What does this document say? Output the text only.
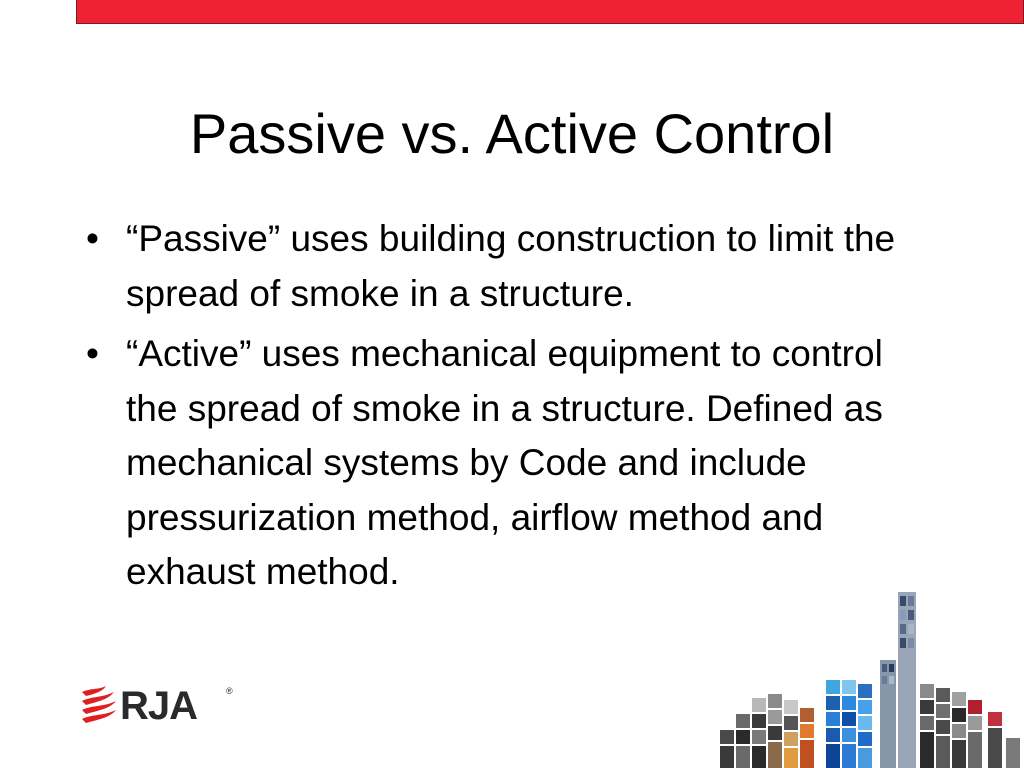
Passive vs. Active Control
• “Passive” uses building construction to limit the spread of smoke in a structure.
• “Active” uses mechanical equipment to control the spread of smoke in a structure. Defined as mechanical systems by Code and include pressurization method, airflow method and exhaust method.
RJA	®
